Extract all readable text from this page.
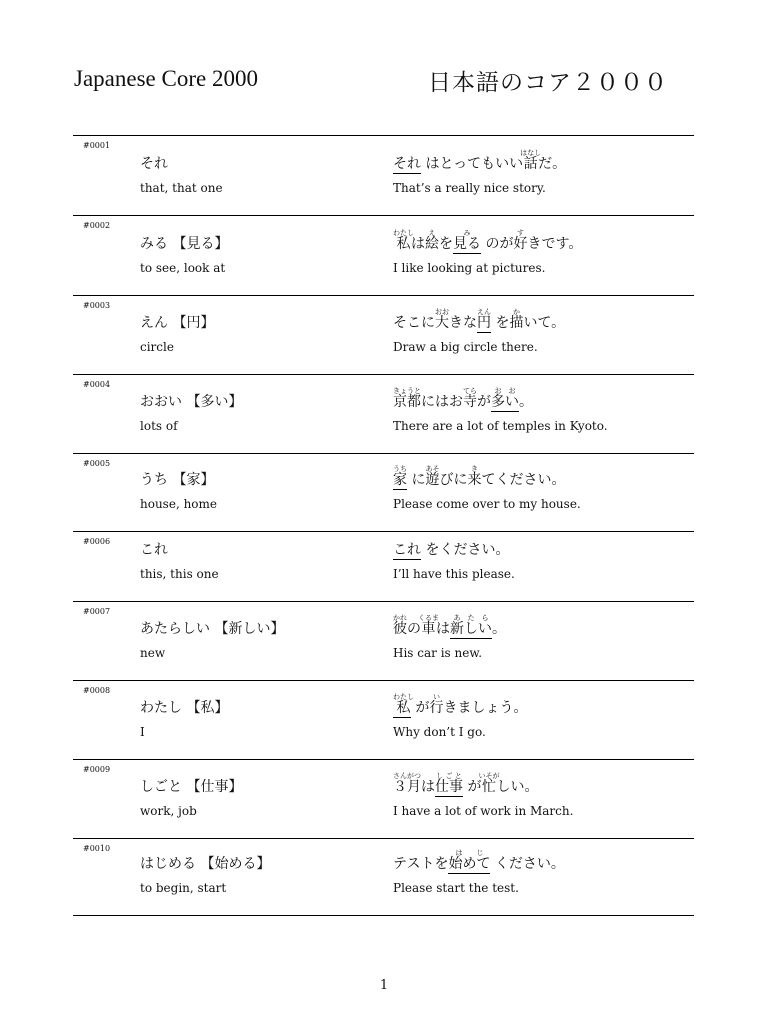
Japanese Core 2000	日本語のコア２０００
#0001
それ
that, that one
それ はとってもいい話はなしだ。
That’s a really nice story.
#0002
みる 【見る】
to see, look at
私わたしは絵えを見るみ のが好すきです。
I like looking at pictures.
#0003
えん 【円】
circle
そこに大おおきな円えん を描かいて。
Draw a big circle there.
#0004
おおい 【多い】
lots of
京都きょうとにはお寺てらが多いおお。
There are a lot of temples in Kyoto.
#0005
うち 【家】
house, home
家うち に遊あそびに来きてください。
Please come over to my house.
#0006
これ
this, this one
これ をください。
I’ll have this please.
#0007
あたらしい 【新しい】
new
彼かれの車くるまは新しいあたら。
His car is new.
#0008
わたし 【私】
I
私わたし が行いきましょう。
Why don’t I go.
#0009
しごと 【仕事】
work, job
３月さんがつは仕事しごと が忙いそがしい。
I have a lot of work in March.
#0010
はじめる 【始める】
to begin, start
テストを始めてはじ ください。
Please start the test.
1
